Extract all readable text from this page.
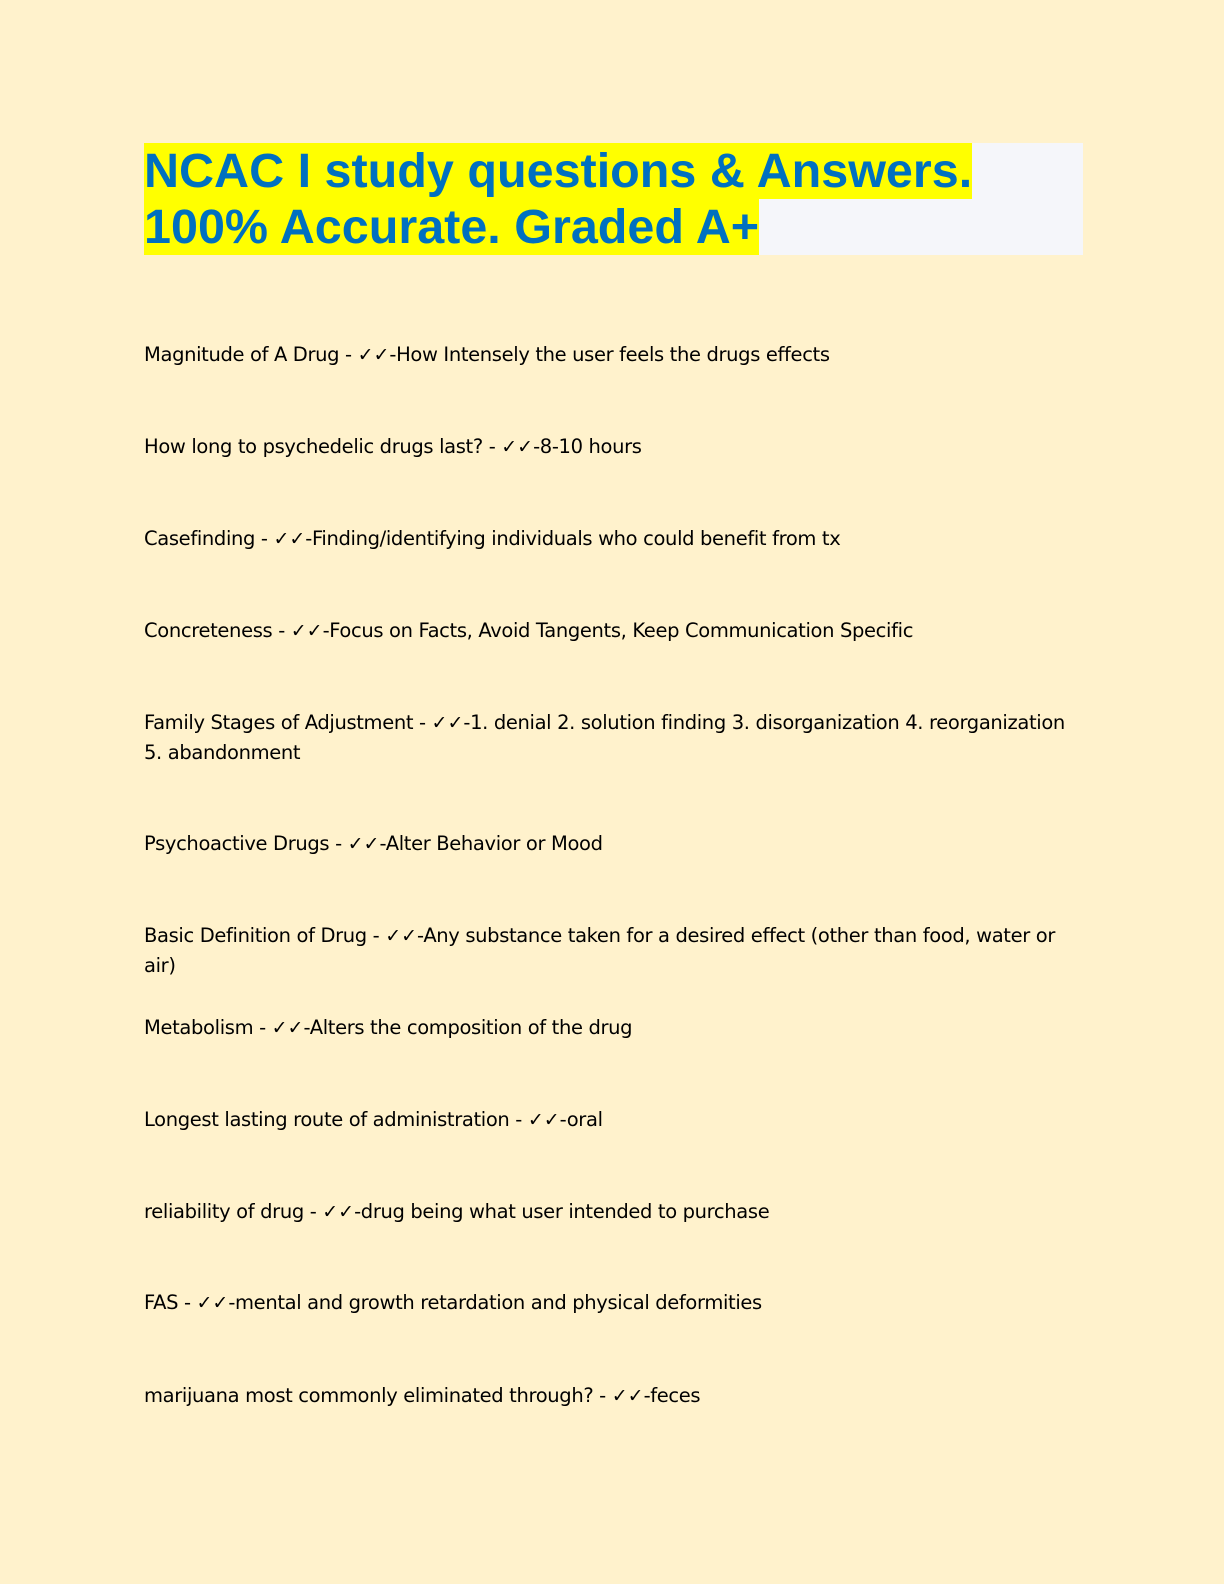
NCAC I study questions & Answers.
100% Accurate. Graded A+
Magnitude of A Drug - ✓✓-How Intensely the user feels the drugs effects
How long to psychedelic drugs last? - ✓✓-8-10 hours
Casefinding - ✓✓-Finding/identifying individuals who could benefit from tx
Concreteness - ✓✓-Focus on Facts, Avoid Tangents, Keep Communication Specific
Family Stages of Adjustment - ✓✓-1. denial 2. solution finding 3. disorganization 4. reorganization 5. abandonment
Psychoactive Drugs - ✓✓-Alter Behavior or Mood
Basic Definition of Drug - ✓✓-Any substance taken for a desired effect (other than food, water or air)
Metabolism - ✓✓-Alters the composition of the drug
Longest lasting route of administration - ✓✓-oral
reliability of drug - ✓✓-drug being what user intended to purchase
FAS - ✓✓-mental and growth retardation and physical deformities
marijuana most commonly eliminated through? - ✓✓-feces
